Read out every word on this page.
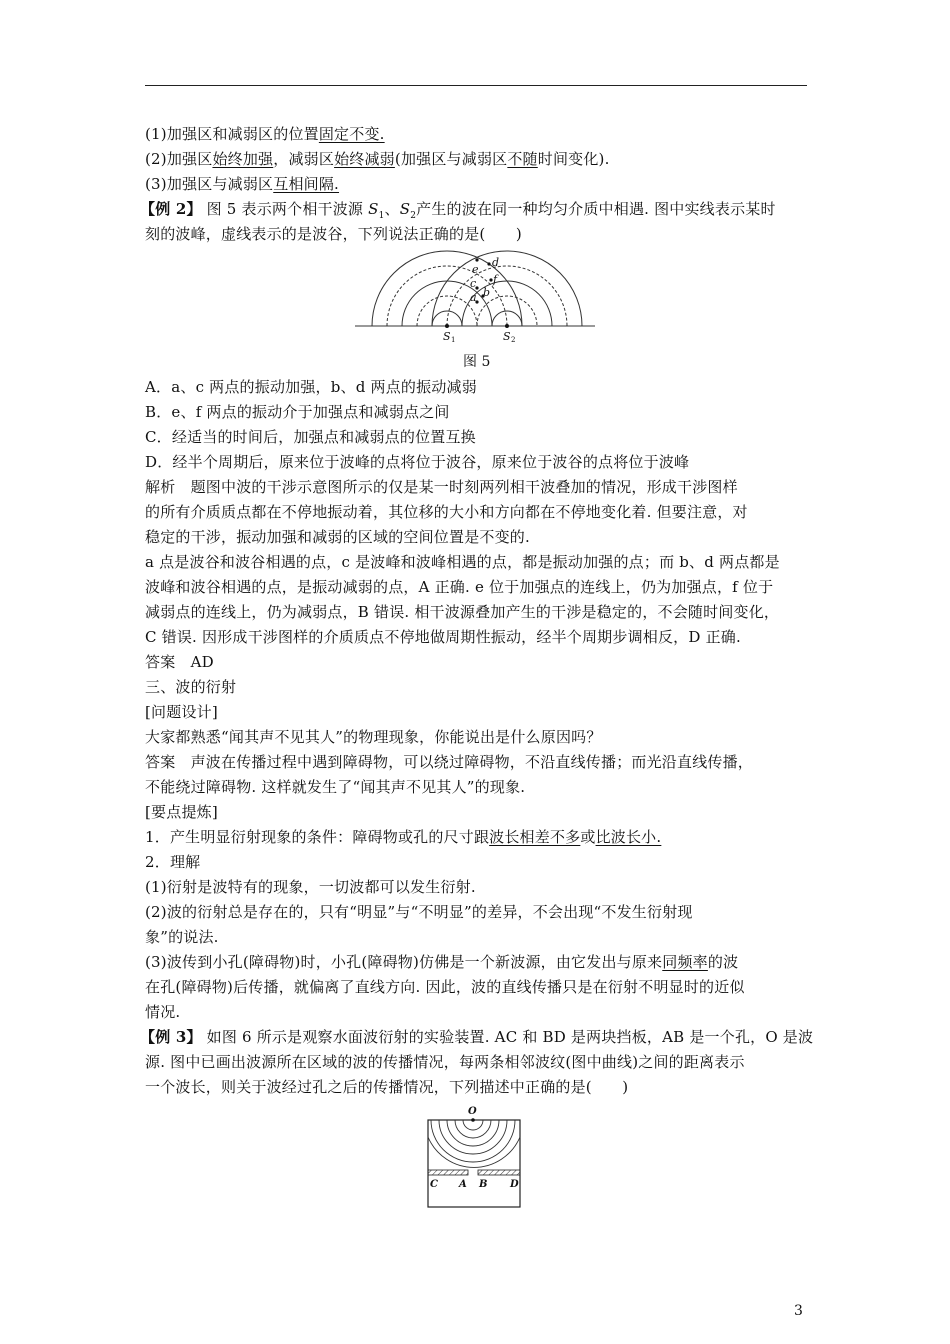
(1)加强区和减弱区的位置固定不变.
(2)加强区始终加强，减弱区始终减弱(加强区与减弱区不随时间变化).
(3)加强区与减弱区互相间隔.
【例 2】 图 5 表示两个相干波源 $S_1$、$S_2$产生的波在同一种均匀介质中相遇. 图中实线表示某时
刻的波峰，虚线表示的是波谷，下列说法正确的是(　　)
S 1	S 2
a b
c
d
e
f
图 5
A．a、c 两点的振动加强，b、d 两点的振动减弱
B．e、f 两点的振动介于加强点和减弱点之间
C．经适当的时间后，加强点和减弱点的位置互换
D．经半个周期后，原来位于波峰的点将位于波谷，原来位于波谷的点将位于波峰
解析　题图中波的干涉示意图所示的仅是某一时刻两列相干波叠加的情况，形成干涉图样
的所有介质质点都在不停地振动着，其位移的大小和方向都在不停地变化着. 但要注意，对
稳定的干涉，振动加强和减弱的区域的空间位置是不变的.
a 点是波谷和波谷相遇的点，c 是波峰和波峰相遇的点，都是振动加强的点；而 b、d 两点都是
波峰和波谷相遇的点，是振动减弱的点，A 正确. e 位于加强点的连线上，仍为加强点，f 位于
减弱点的连线上，仍为减弱点，B 错误. 相干波源叠加产生的干涉是稳定的，不会随时间变化，
C 错误. 因形成干涉图样的介质质点不停地做周期性振动，经半个周期步调相反，D 正确.
答案　AD
三、波的衍射
[问题设计]
大家都熟悉“闻其声不见其人”的物理现象，你能说出是什么原因吗？
答案　声波在传播过程中遇到障碍物，可以绕过障碍物，不沿直线传播；而光沿直线传播，
不能绕过障碍物. 这样就发生了“闻其声不见其人”的现象.
[要点提炼]
1．产生明显衍射现象的条件：障碍物或孔的尺寸跟波长相差不多或比波长小.
2．理解
(1)衍射是波特有的现象，一切波都可以发生衍射.
(2)波的衍射总是存在的，只有“明显”与“不明显”的差异，不会出现“不发生衍射现
象”的说法.
(3)波传到小孔(障碍物)时，小孔(障碍物)仿佛是一个新波源，由它发出与原来同频率的波
在孔(障碍物)后传播，就偏离了直线方向. 因此，波的直线传播只是在衍射不明显时的近似
情况.
【例 3】 如图 6 所示是观察水面波衍射的实验装置. AC 和 BD 是两块挡板，AB 是一个孔，O 是波
源. 图中已画出波源所在区域的波的传播情况，每两条相邻波纹(图中曲线)之间的距离表示
一个波长，则关于波经过孔之后的传播情况，下列描述中正确的是(　　)
O
C A B D
3
